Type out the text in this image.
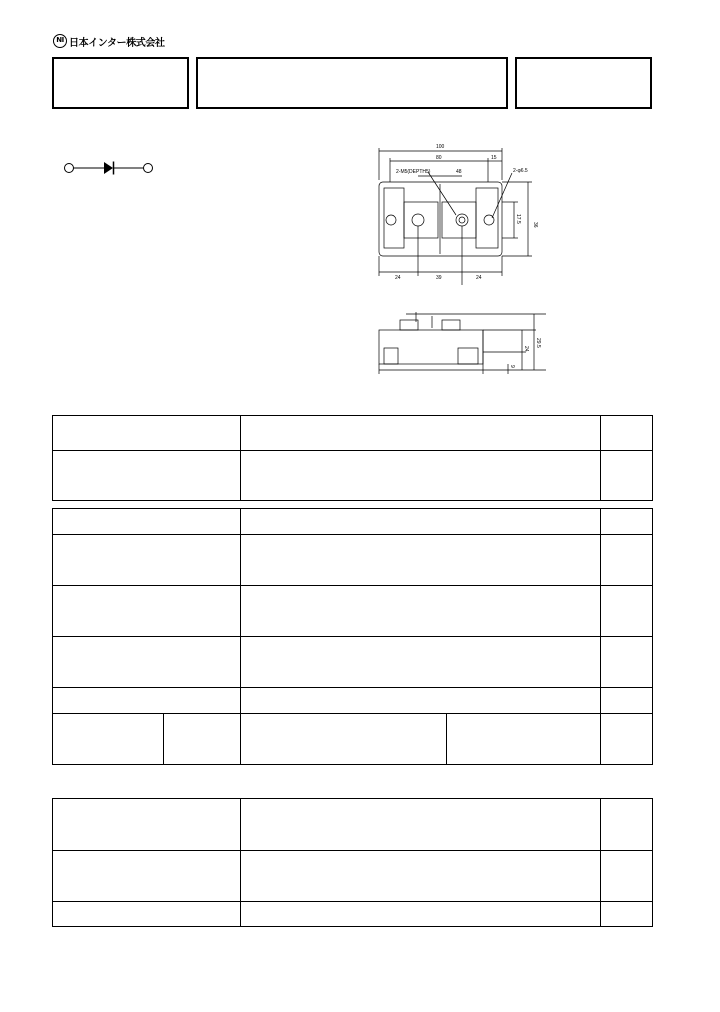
NI 日本インター株式会社
100
80	15
48
2-M5(DEPTH5)	2-φ6.5
36
17.5
24	39	24
24
29.5
9
